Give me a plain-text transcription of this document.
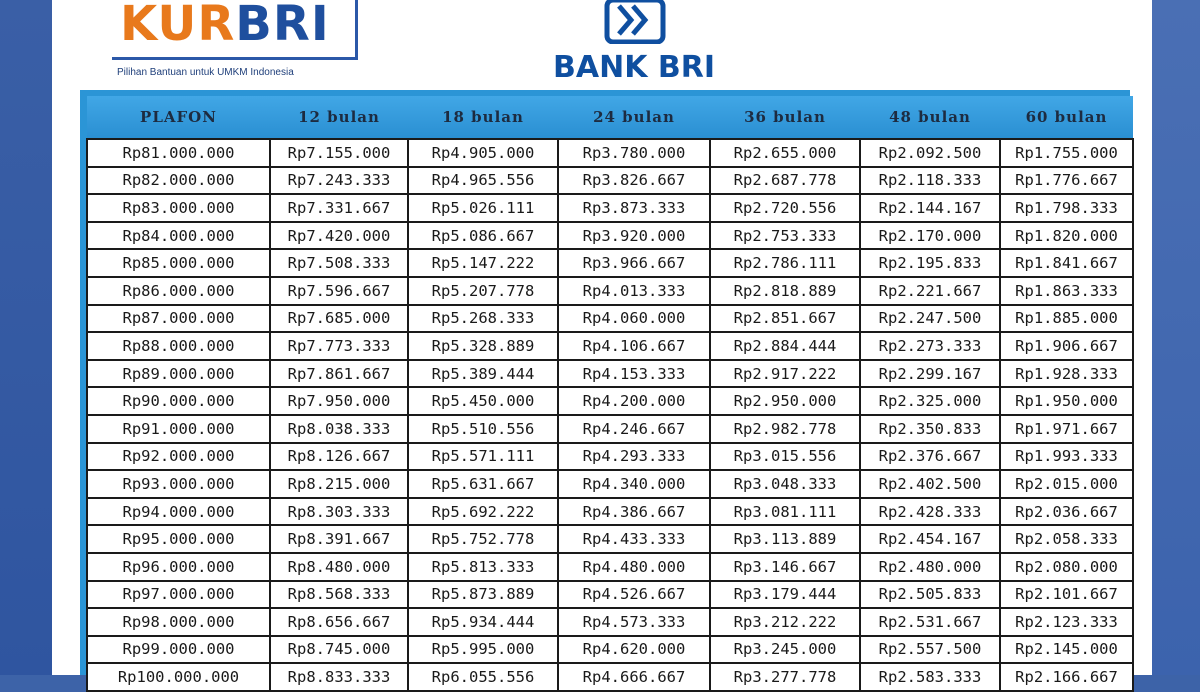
KURBRI
Pilihan Bantuan untuk UMKM Indonesia	BANK BRI
PLAFON	12 bulan	18 bulan	24 bulan	36 bulan	48 bulan	60 bulan
Rp81.000.000	Rp7.155.000	Rp4.905.000	Rp3.780.000	Rp2.655.000	Rp2.092.500	Rp1.755.000
Rp82.000.000	Rp7.243.333	Rp4.965.556	Rp3.826.667	Rp2.687.778	Rp2.118.333	Rp1.776.667
Rp83.000.000	Rp7.331.667	Rp5.026.111	Rp3.873.333	Rp2.720.556	Rp2.144.167	Rp1.798.333
Rp84.000.000	Rp7.420.000	Rp5.086.667	Rp3.920.000	Rp2.753.333	Rp2.170.000	Rp1.820.000
Rp85.000.000	Rp7.508.333	Rp5.147.222	Rp3.966.667	Rp2.786.111	Rp2.195.833	Rp1.841.667
Rp86.000.000	Rp7.596.667	Rp5.207.778	Rp4.013.333	Rp2.818.889	Rp2.221.667	Rp1.863.333
Rp87.000.000	Rp7.685.000	Rp5.268.333	Rp4.060.000	Rp2.851.667	Rp2.247.500	Rp1.885.000
Rp88.000.000	Rp7.773.333	Rp5.328.889	Rp4.106.667	Rp2.884.444	Rp2.273.333	Rp1.906.667
Rp89.000.000	Rp7.861.667	Rp5.389.444	Rp4.153.333	Rp2.917.222	Rp2.299.167	Rp1.928.333
Rp90.000.000	Rp7.950.000	Rp5.450.000	Rp4.200.000	Rp2.950.000	Rp2.325.000	Rp1.950.000
Rp91.000.000	Rp8.038.333	Rp5.510.556	Rp4.246.667	Rp2.982.778	Rp2.350.833	Rp1.971.667
Rp92.000.000	Rp8.126.667	Rp5.571.111	Rp4.293.333	Rp3.015.556	Rp2.376.667	Rp1.993.333
Rp93.000.000	Rp8.215.000	Rp5.631.667	Rp4.340.000	Rp3.048.333	Rp2.402.500	Rp2.015.000
Rp94.000.000	Rp8.303.333	Rp5.692.222	Rp4.386.667	Rp3.081.111	Rp2.428.333	Rp2.036.667
Rp95.000.000	Rp8.391.667	Rp5.752.778	Rp4.433.333	Rp3.113.889	Rp2.454.167	Rp2.058.333
Rp96.000.000	Rp8.480.000	Rp5.813.333	Rp4.480.000	Rp3.146.667	Rp2.480.000	Rp2.080.000
Rp97.000.000	Rp8.568.333	Rp5.873.889	Rp4.526.667	Rp3.179.444	Rp2.505.833	Rp2.101.667
Rp98.000.000	Rp8.656.667	Rp5.934.444	Rp4.573.333	Rp3.212.222	Rp2.531.667	Rp2.123.333
Rp99.000.000	Rp8.745.000	Rp5.995.000	Rp4.620.000	Rp3.245.000	Rp2.557.500	Rp2.145.000
Rp100.000.000	Rp8.833.333	Rp6.055.556	Rp4.666.667	Rp3.277.778	Rp2.583.333	Rp2.166.667
